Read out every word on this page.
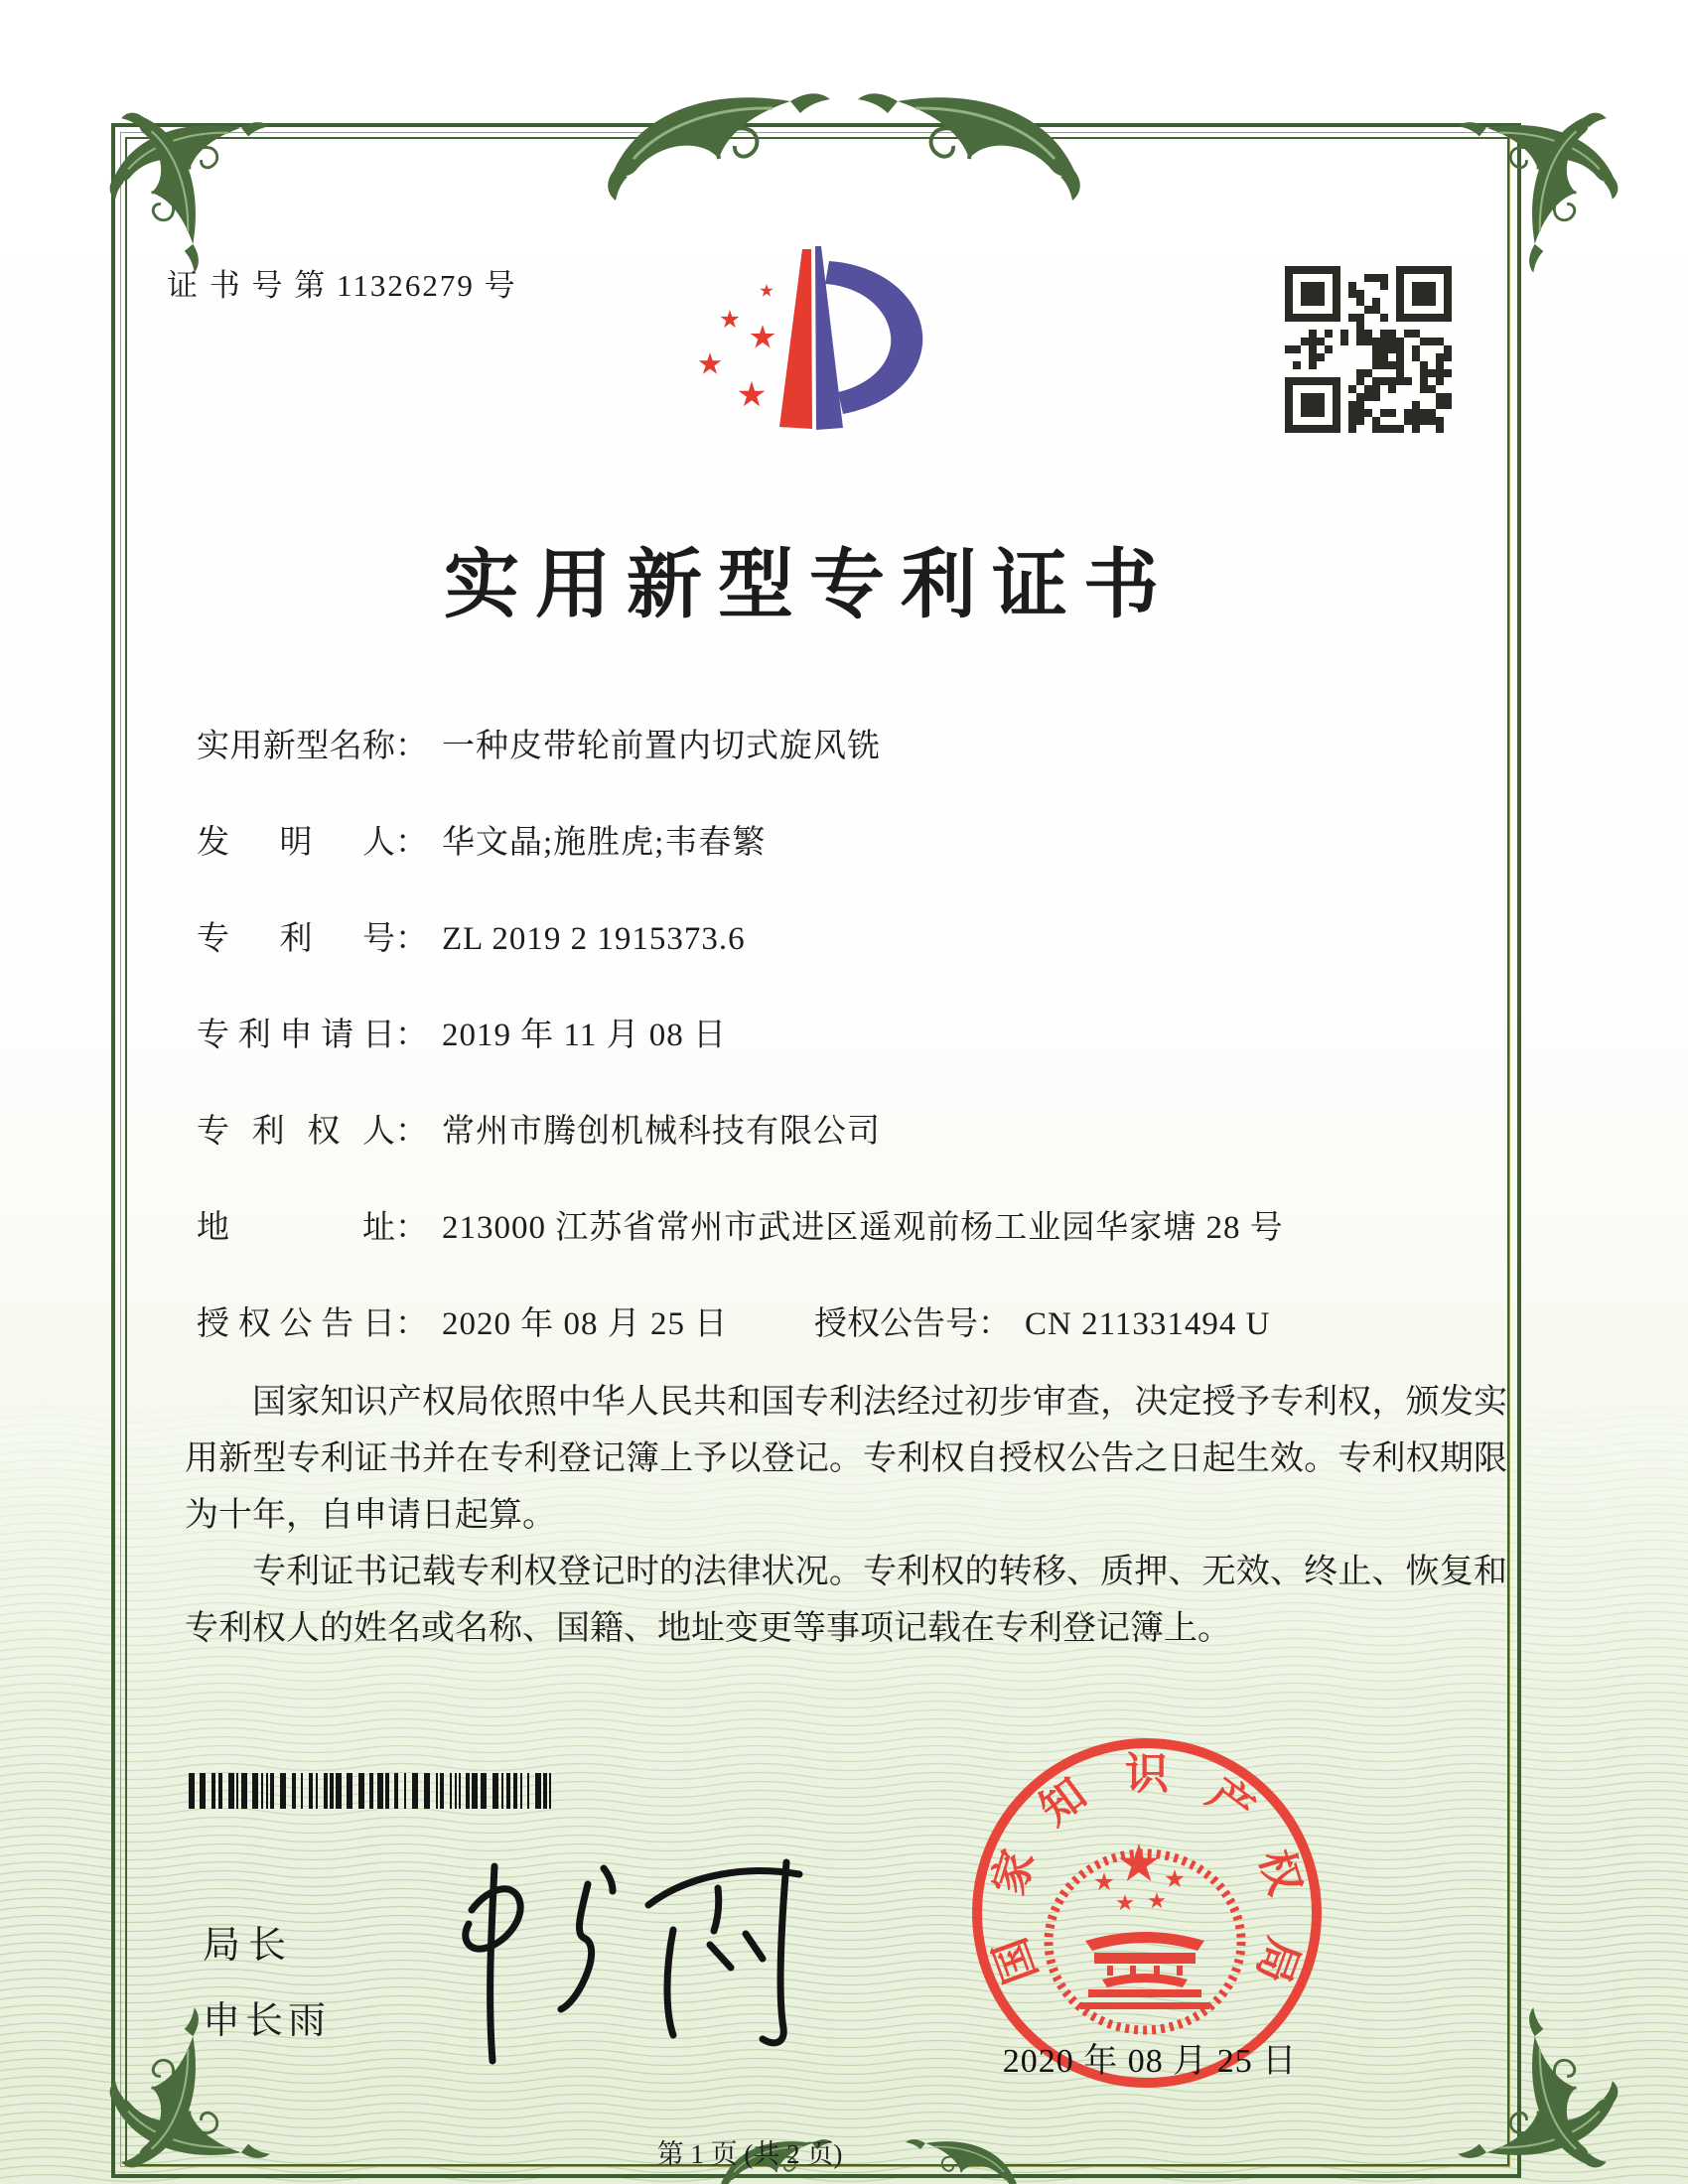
证 书 号 第 11326279 号
实用新型专利证书
实用新型名称： 一种皮带轮前置内切式旋风铣
发　明　人： 华文晶;施胜虎;韦春繁
专　利　号： ZL 2019 2 1915373.6
专利申请日： 2019 年 11 月 08 日
专 利 权 人： 常州市腾创机械科技有限公司
地　　　址： 213000 江苏省常州市武进区遥观前杨工业园华家塘 28 号
授权公告日： 2020 年 08 月 25 日	授权公告号： CN 211331494 U

国家知识产权局依照中华人民共和国专利法经过初步审查，决定授予专利权，颁发实用新型专利证书并在专利登记簿上予以登记。专利权自授权公告之日起生效。专利权期限为十年，自申请日起算。

专利证书记载专利权登记时的法律状况。专利权的转移、质押、无效、终止、恢复和专利权人的姓名或名称、国籍、地址变更等事项记载在专利登记簿上。

局长
申长雨
国
家
知 识 产
权
局
2020 年 08 月 25 日
第 1 页 (共 2 页)
